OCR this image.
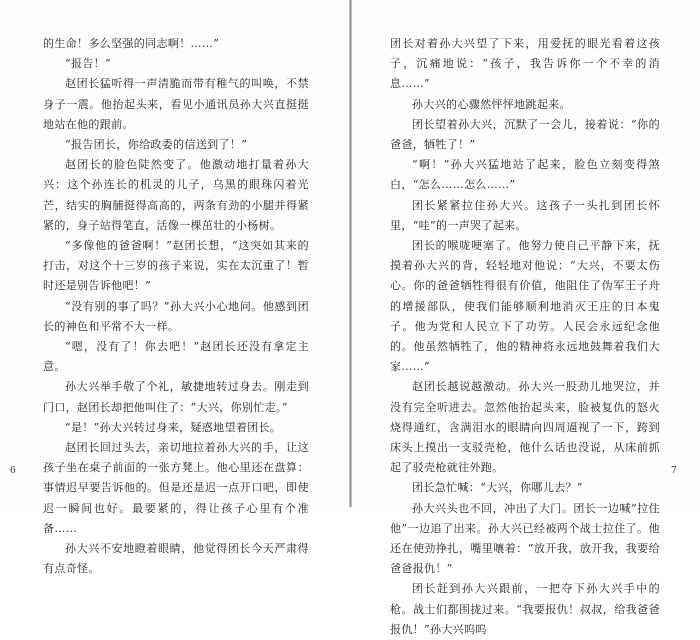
的生命！多么坚强的同志啊！……”

“报告！”

赵团长猛听得一声清脆而带有稚气的叫唤，不禁身子一震。他抬起头来，看见小通讯员孙大兴直挺挺地站在他的跟前。

“报告团长，你给政委的信送到了！”

赵团长的脸色陡然变了。他激动地打量着孙大兴：这个孙连长的机灵的儿子，乌黑的眼珠闪着光芒，结实的胸脯挺得高高的，两条有劲的小腿并得紧紧的，身子站得笔直，活像一棵茁壮的小杨树。

“多像他的爸爸啊！”赵团长想，“这突如其来的打击，对这个十三岁的孩子来说，实在太沉重了！暂时还是别告诉他吧！”

“没有别的事了吗？”孙大兴小心地问。他感到团长的神色和平常不大一样。

“嗯，没有了！你去吧！”赵团长还没有拿定主意。

孙大兴举手敬了个礼，敏捷地转过身去。刚走到门口，赵团长却把他叫住了：“大兴，你别忙走。”

“是！”孙大兴转过身来，疑惑地望着团长。

赵团长回过头去，亲切地拉着孙大兴的手，让这孩子坐在桌子前面的一张方凳上。他心里还在盘算：事情迟早要告诉他的。但是还是迟一点开口吧，即使迟一瞬间也好。最要紧的，得让孩子心里有个准备……

孙大兴不安地瞪着眼睛，他觉得团长今天严肃得有点奇怪。

6

团长对着孙大兴望了下来，用爱抚的眼光看着这孩子，沉痛地说：“孩子，我告诉你一个不幸的消息……”

孙大兴的心骤然怦怦地跳起来。

团长望着孙大兴，沉默了一会儿，接着说：“你的爸爸，牺牲了！”

“啊！”孙大兴猛地站了起来，脸色立刻变得煞白，“怎么……怎么……”

团长紧紧拉住孙大兴。这孩子一头扎到团长怀里，“哇”的一声哭了起来。

团长的喉咙哽塞了。他努力使自己平静下来，抚摸着孙大兴的背，轻轻地对他说：“大兴，不要太伤心。你的爸爸牺牲得很有价值，他阻住了伪军王子舟的增援部队，使我们能够顺利地消灭王庄的日本鬼子。他为党和人民立下了功劳。人民会永远纪念他的。他虽然牺牲了，他的精神将永远地鼓舞着我们大家……”

赵团长越说越激动。孙大兴一股劲儿地哭泣，并没有完全听进去。忽然他抬起头来，脸被复仇的怒火烧得通红，含满泪水的眼睛向四周逼视了一下，跨到床头上摸出一支驳壳枪，他什么话也没说，从床前抓起了驳壳枪就往外跑。

团长急忙喊：“大兴，你哪儿去？”

孙大兴头也不回，冲出了大门。团长一边喊“拉住他”一边追了出来。孙大兴已经被两个战士拉住了。他还在使劲挣扎，嘴里嚷着：“放开我，放开我，我要给爸爸报仇！”

团长赶到孙大兴跟前，一把夺下孙大兴手中的枪。战士们都围拢过来。“我要报仇！叔叔，给我爸爸报仇！”孙大兴呜呜

7
